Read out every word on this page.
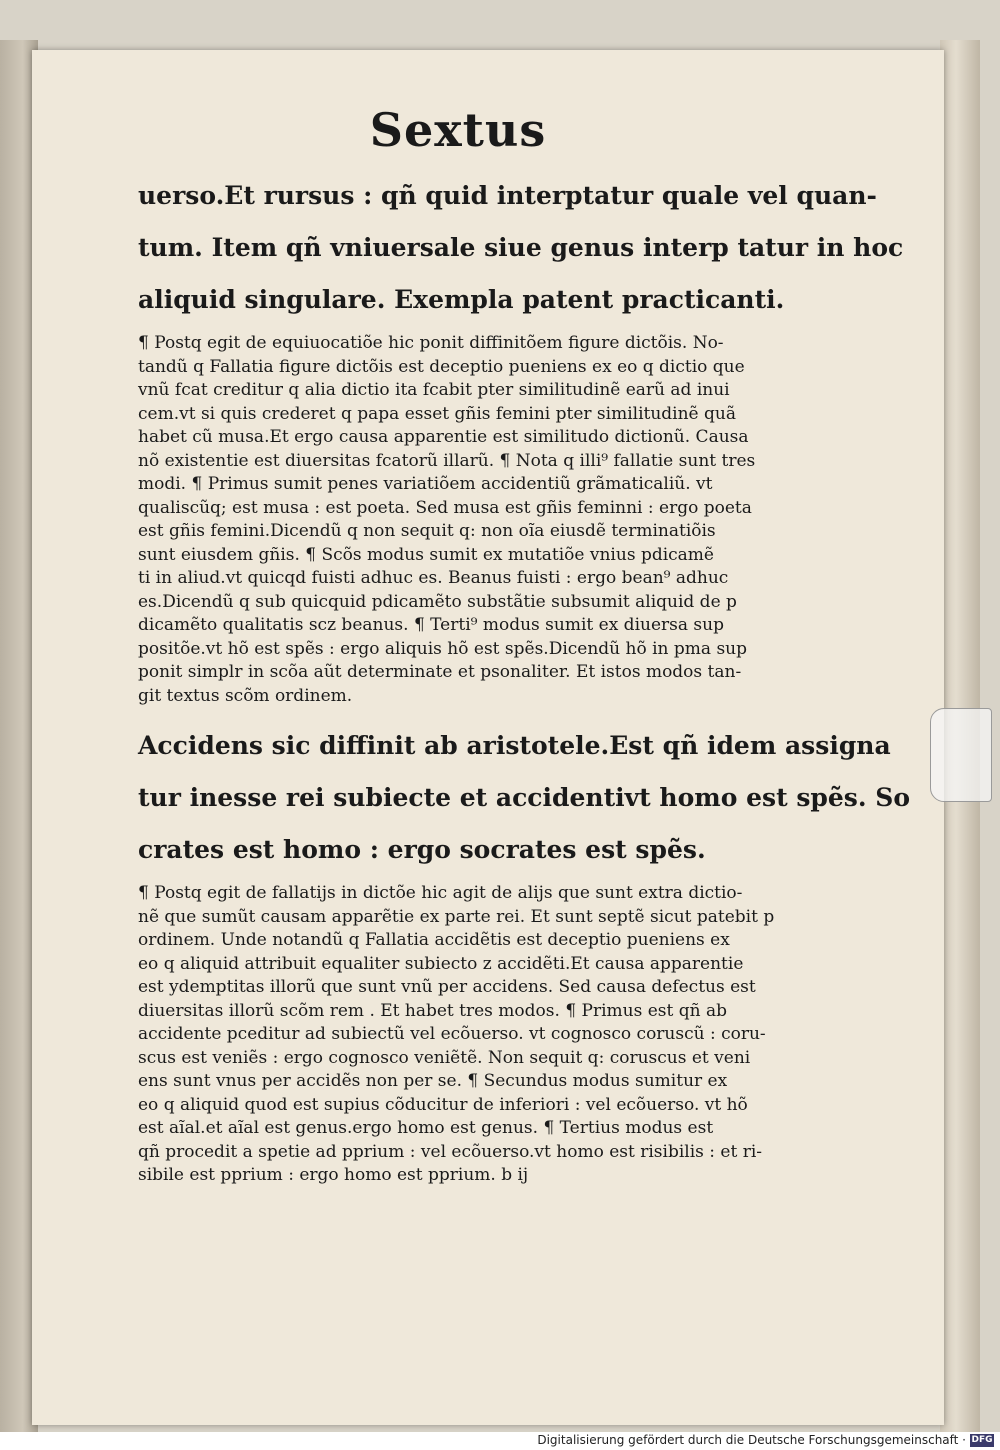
Sextus

uerso.Et rursus : qñ quid interptatur quale vel quan-

tum. Item qñ vniuersale siue genus interp tatur in hoc

aliquid singulare. Exempla patent practicanti.

¶ Postq egit de equiuocatiõe hic ponit diffinitõem figure dictõis. No-

tandũ q Fallatia figure dictõis est deceptio pueniens ex eo q dictio que

vnũ fcat creditur q alia dictio ita fcabit pter similitudinẽ earũ ad inui

cem.vt si quis crederet q papa esset gñis femini pter similitudinẽ quã

habet cũ musa.Et ergo causa apparentie est similitudo dictionũ. Causa

nõ existentie est diuersitas fcatorũ illarũ. ¶ Nota q illi⁹ fallatie sunt tres

modi. ¶ Primus sumit penes variatiõem accidentiũ grãmaticaliũ. vt

qualiscũq; est musa : est poeta. Sed musa est gñis feminni : ergo poeta

est gñis femini.Dicendũ q non sequit q: non oĩa eiusdẽ terminatiõis

sunt eiusdem gñis. ¶ Scõs modus sumit ex mutatiõe vnius pdicamẽ

ti in aliud.vt quicqd fuisti adhuc es. Beanus fuisti : ergo bean⁹ adhuc

es.Dicendũ q sub quicquid pdicamẽto substãtie subsumit aliquid de p

dicamẽto qualitatis scz beanus. ¶ Terti⁹ modus sumit ex diuersa sup

positõe.vt hõ est spẽs : ergo aliquis hõ est spẽs.Dicendũ hõ in pma sup

ponit simplr in scõa aũt determinate et psonaliter. Et istos modos tan-

git textus scõm ordinem.

Accidens sic diffinit ab aristotele.Est qñ idem assigna

tur inesse rei subiecte et accidentivt homo est spẽs. So

crates est homo : ergo socrates est spẽs.

¶ Postq egit de fallatijs in dictõe hic agit de alijs que sunt extra dictio-

nẽ que sumũt causam apparẽtie ex parte rei. Et sunt septẽ sicut patebit p

ordinem. Unde notandũ q Fallatia accidẽtis est deceptio pueniens ex

eo q aliquid attribuit equaliter subiecto z accidẽti.Et causa apparentie

est ydemptitas illorũ que sunt vnũ per accidens. Sed causa defectus est

diuersitas illorũ scõm rem . Et habet tres modos. ¶ Primus est qñ ab

accidente pceditur ad subiectũ vel ecõuerso. vt cognosco coruscũ : coru-

scus est veniẽs : ergo cognosco veniẽtẽ. Non sequit q: coruscus et veni

ens sunt vnus per accidẽs non per se. ¶ Secundus modus sumitur ex

eo q aliquid quod est supius cõducitur de inferiori : vel ecõuerso. vt hõ

est aĩal.et aĩal est genus.ergo homo est genus. ¶ Tertius modus est

qñ procedit a spetie ad pprium : vel ecõuerso.vt homo est risibilis : et ri-

sibile est pprium : ergo homo est pprium. b ij

Digitalisierung gefördert durch die Deutsche Forschungsgemeinschaft · DFG
